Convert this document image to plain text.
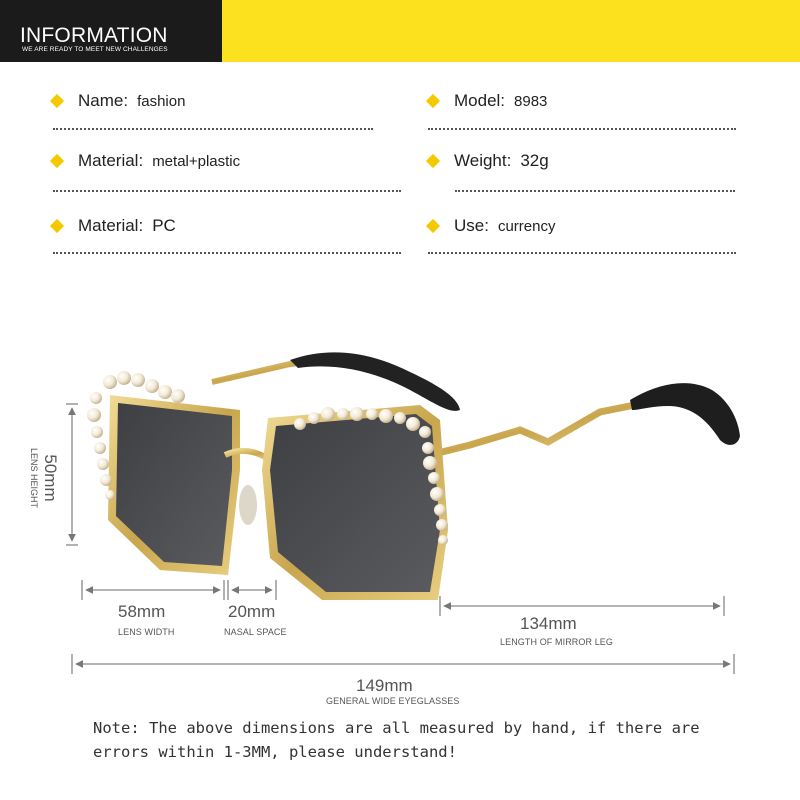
INFORMATION
WE ARE READY TO MEET NEW CHALLENGES
Name: fashion	Model: 8983
Material: metal+plastic	Weight: 32g
Material: PC	Use: currency
50mm
LENS HEIGHT
58mm
LENS WIDTH
20mm
NASAL SPACE	134mm
LENGTH OF MIRROR LEG
149mm
GENERAL WIDE EYEGLASSES
Note: The above dimensions are all measured by hand, if there are errors within 1-3MM, please understand!
